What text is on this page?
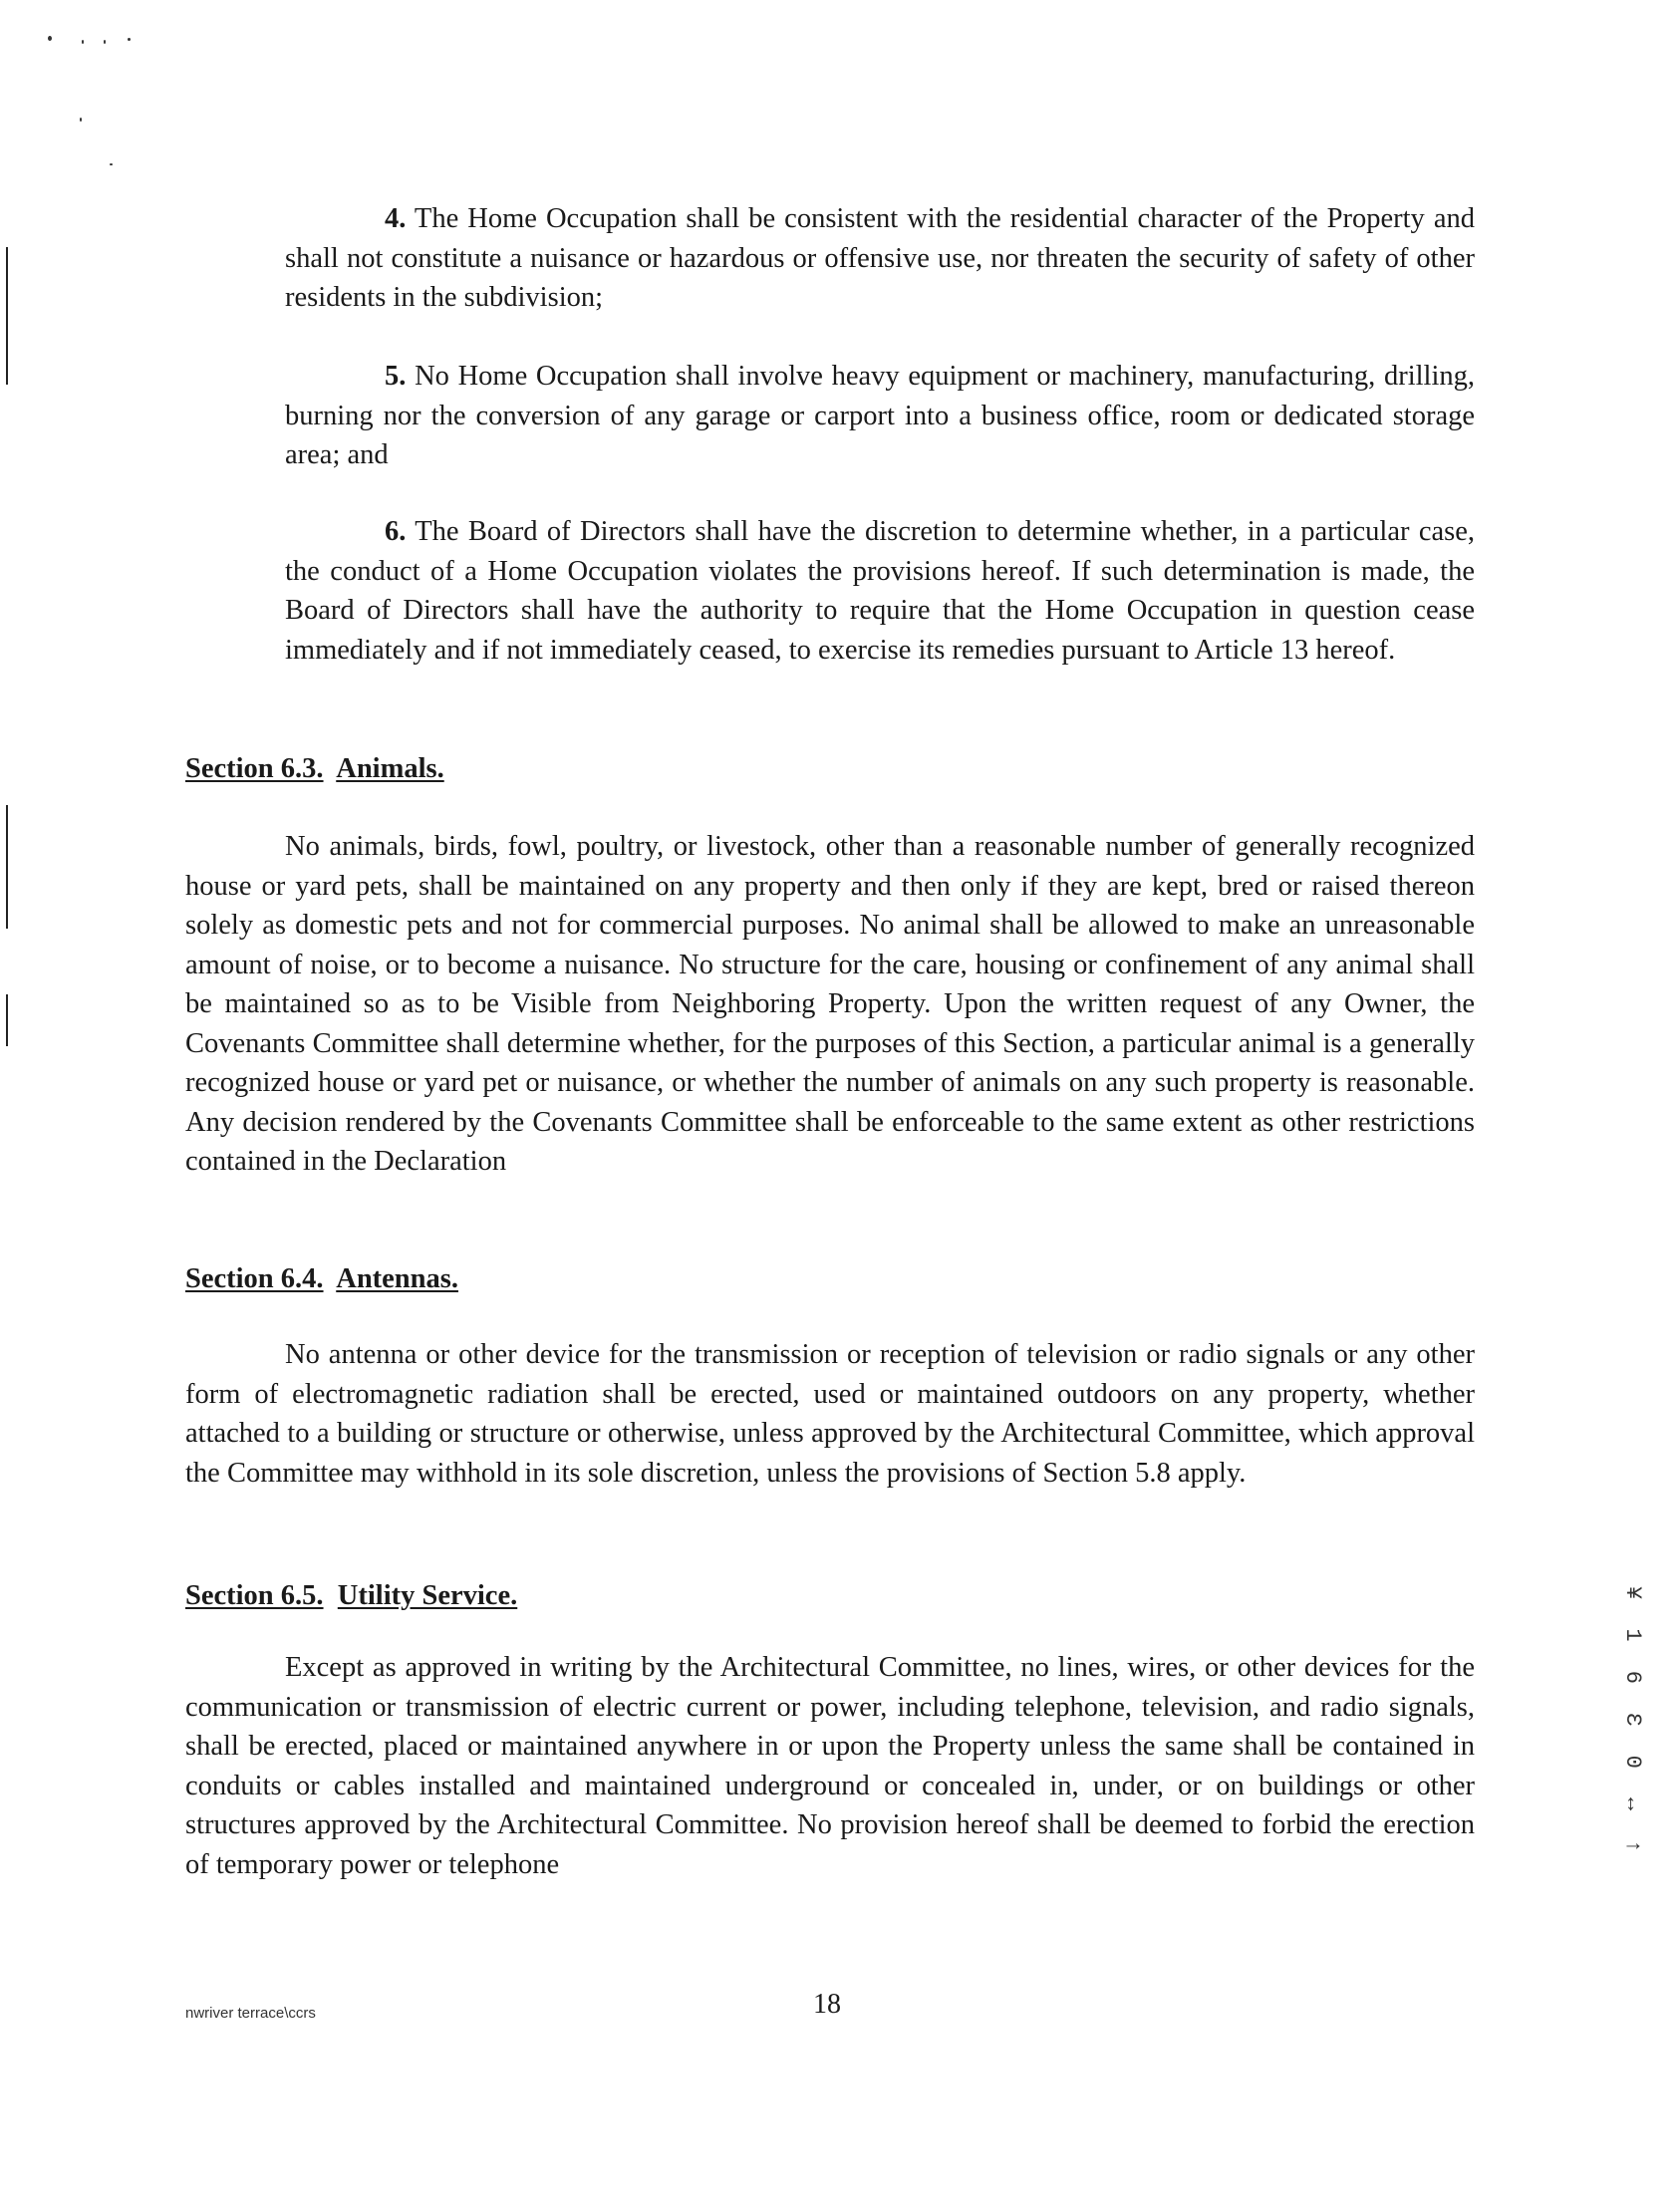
4. The Home Occupation shall be consistent with the residential character of the Property and shall not constitute a nuisance or hazardous or offensive use, nor threaten the security of safety of other residents in the subdivision;

5. No Home Occupation shall involve heavy equipment or machinery, manufacturing, drilling, burning nor the conversion of any garage or carport into a business office, room or dedicated storage area; and

6. The Board of Directors shall have the discretion to determine whether, in a particular case, the conduct of a Home Occupation violates the provisions hereof. If such determination is made, the Board of Directors shall have the authority to require that the Home Occupation in question cease immediately and if not immediately ceased, to exercise its remedies pursuant to Article 13 hereof.

Section 6.3. Animals.

No animals, birds, fowl, poultry, or livestock, other than a reasonable number of generally recognized house or yard pets, shall be maintained on any property and then only if they are kept, bred or raised thereon solely as domestic pets and not for commercial purposes. No animal shall be allowed to make an unreasonable amount of noise, or to become a nuisance. No structure for the care, housing or confinement of any animal shall be maintained so as to be Visible from Neighboring Property. Upon the written request of any Owner, the Covenants Committee shall determine whether, for the purposes of this Section, a particular animal is a generally recognized house or yard pet or nuisance, or whether the number of animals on any such property is reasonable. Any decision rendered by the Covenants Committee shall be enforceable to the same extent as other restrictions contained in the Declaration

Section 6.4. Antennas.

No antenna or other device for the transmission or reception of television or radio signals or any other form of electromagnetic radiation shall be erected, used or maintained outdoors on any property, whether attached to a building or structure or otherwise, unless approved by the Architectural Committee, which approval the Committee may withhold in its sole discretion, unless the provisions of Section 5.8 apply.

Section 6.5. Utility Service.

Except as approved in writing by the Architectural Committee, no lines, wires, or other devices for the communication or transmission of electric current or power, including telephone, television, and radio signals, shall be erected, placed or maintained anywhere in or upon the Property unless the same shall be contained in conduits or cables installed and maintained underground or concealed in, under, or on buildings or other structures approved by the Architectural Committee. No provision hereof shall be deemed to forbid the erection of temporary power or telephone

¥ 1 6 Ɛ 0 ↔ ↑
nwriver terrace\ccrs	18
